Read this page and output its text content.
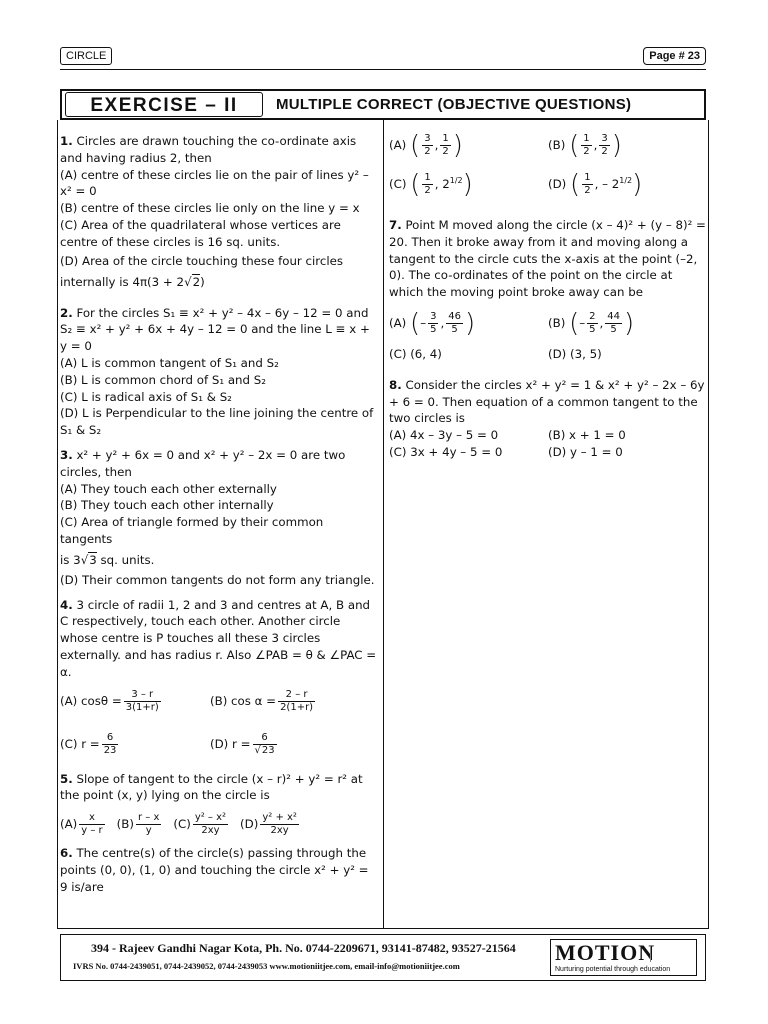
CIRCLE	Page # 23
EXERCISE – II	MULTIPLE CORRECT (OBJECTIVE QUESTIONS)

1. Circles are drawn touching the co-ordinate axis and having radius 2, then

(A) centre of these circles lie on the pair of lines y² – x² = 0

(B) centre of these circles lie only on the line y = x

(C) Area of the quadrilateral whose vertices are centre of these circles is 16 sq. units.

(D) Area of the circle touching these four circles internally is 4π(3 + 2√2)

2. For the circles S₁ ≡ x² + y² – 4x – 6y – 12 = 0 and S₂ ≡ x² + y² + 6x + 4y – 12 = 0 and the line L ≡ x + y = 0

(A) L is common tangent of S₁ and S₂

(B) L is common chord of S₁ and S₂

(C) L is radical axis of S₁ & S₂

(D) L is Perpendicular to the line joining the centre of S₁ & S₂

3. x² + y² + 6x = 0 and x² + y² – 2x = 0 are two circles, then

(A) They touch each other externally

(B) They touch each other internally

(C) Area of triangle formed by their common tangents

is 3√3 sq. units.

(D) Their common tangents do not form any triangle.

4. 3 circle of radii 1, 2 and 3 and centres at A, B and C respectively, touch each other. Another circle whose centre is P touches all these 3 circles externally. and has radius r. Also ∠PAB = θ & ∠PAC = α.

(A) $\cos\theta = \frac{3 - r}{3(1+r)}$	(B) $\cos \alpha = \frac{2 - r}{2(1+r)}$
(C) $r = \frac{6}{23}$	(D) $r = \frac{6}{√23}$

5. Slope of tangent to the circle (x – r)² + y² = r² at the point (x, y) lying on the circle is

$(A) \frac{x}{y - r} (B) \frac{r - x}{y} (C) \frac{\text{y² – x²}}{2xy} (D) \frac{\text{y² + x²}}{2xy}$

6. The centre(s) of the circle(s) passing through the points (0, 0), (1, 0) and touching the circle x² + y² = 9 is/are

(A) ( $\frac{3}{2}$ , $\frac{1}{2}$ )	(B) ( $\frac{1}{2}$ , $\frac{3}{2}$ )
(C) ( $\frac{1}{2}$ , $2^{1/2}$)	(D) ( $\frac{1}{2}$ , – $2^{1/2}$)

7. Point M moved along the circle (x – 4)² + (y – 8)² = 20. Then it broke away from it and moving along a tangent to the circle cuts the x-axis at the point (–2, 0). The co-ordinates of the point on the circle at which the moving point broke away can be

(A) (– $\frac{3}{5}$ , $\frac{46}{5}$ )	(B) (– $\frac{2}{5}$ , $\frac{44}{5}$ )
(C) (6, 4)	(D) (3, 5)

8. Consider the circles x² + y² = 1 & x² + y² – 2x – 6y + 6 = 0. Then equation of a common tangent to the two circles is

(A) 4x – 3y – 5 = 0	(B) x + 1 = 0
(C) 3x + 4y – 5 = 0	(D) y – 1 = 0
394 - Rajeev Gandhi Nagar Kota, Ph. No. 0744-2209671, 93141-87482, 93527-21564
IVRS No. 0744-2439051, 0744-2439052, 0744-2439053 www.motioniitjee.com, email-info@motioniitjee.com
MOTION
Nurturing potential through education
